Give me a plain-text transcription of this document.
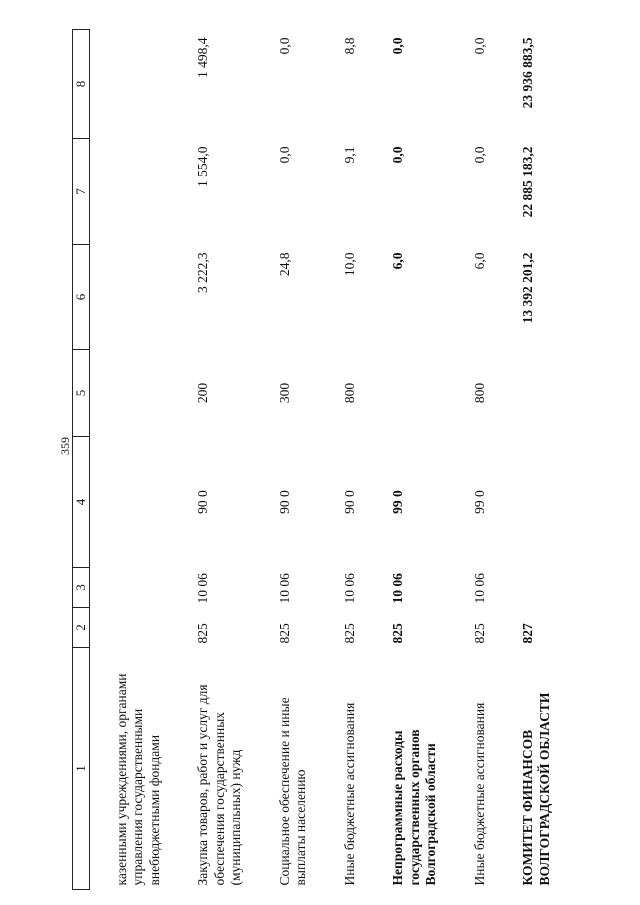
359
1	2	3	4	5	6	7	8
казенными учреждениями, органами управления государственными внебюджетными фондами							
Закупка товаров, работ и услуг для обеспечения государственных (муниципальных) нужд	825	10 06	90 0	200	3 222,3	1 554,0	1 498,4
Социальное обеспечение и иные выплаты населению	825	10 06	90 0	300	24,8	0,0	0,0
Иные бюджетные ассигнования	825	10 06	90 0	800	10,0	9,1	8,8
Непрограммные расходы государственных органов Волгоградской области	825	10 06	99 0		6,0	0,0	0,0
Иные бюджетные ассигнования	825	10 06	99 0	800	6,0	0,0	0,0
КОМИТЕТ ФИНАНСОВ ВОЛГОГРАДСКОЙ ОБЛАСТИ	827				13 392 201,2	22 885 183,2	23 936 883,5
